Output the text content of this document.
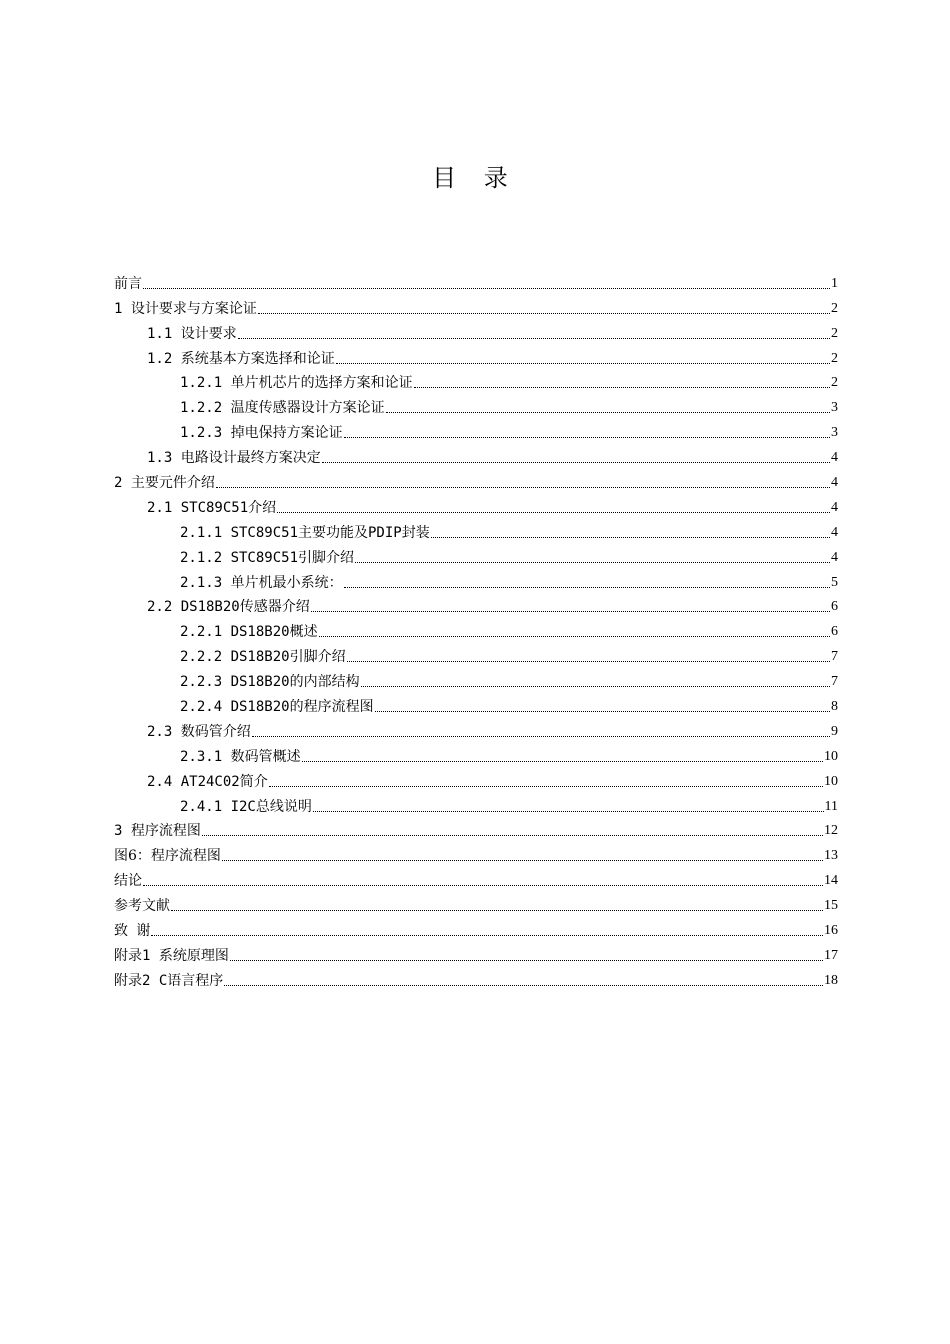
目 录
前言	1
1 设计要求与方案论证	2
1.1 设计要求	2
1.2 系统基本方案选择和论证	2
1.2.1 单片机芯片的选择方案和论证	2
1.2.2 温度传感器设计方案论证	3
1.2.3 掉电保持方案论证	3
1.3 电路设计最终方案决定	4
2 主要元件介绍	4
2.1 STC89C51介绍	4
2.1.1 STC89C51主要功能及PDIP封装	4
2.1.2 STC89C51引脚介绍	4
2.1.3 单片机最小系统：	5
2.2 DS18B20传感器介绍	6
2.2.1 DS18B20概述	6
2.2.2 DS18B20引脚介绍	7
2.2.3 DS18B20的内部结构	7
2.2.4 DS18B20的程序流程图	8
2.3 数码管介绍	9
2.3.1 数码管概述	10
2.4 AT24C02简介	10
2.4.1 I2C总线说明	11
3 程序流程图	12
图6：程序流程图	13
结论	14
参考文献	15
致 谢	16
附录1 系统原理图	17
附录2 C语言程序	18
